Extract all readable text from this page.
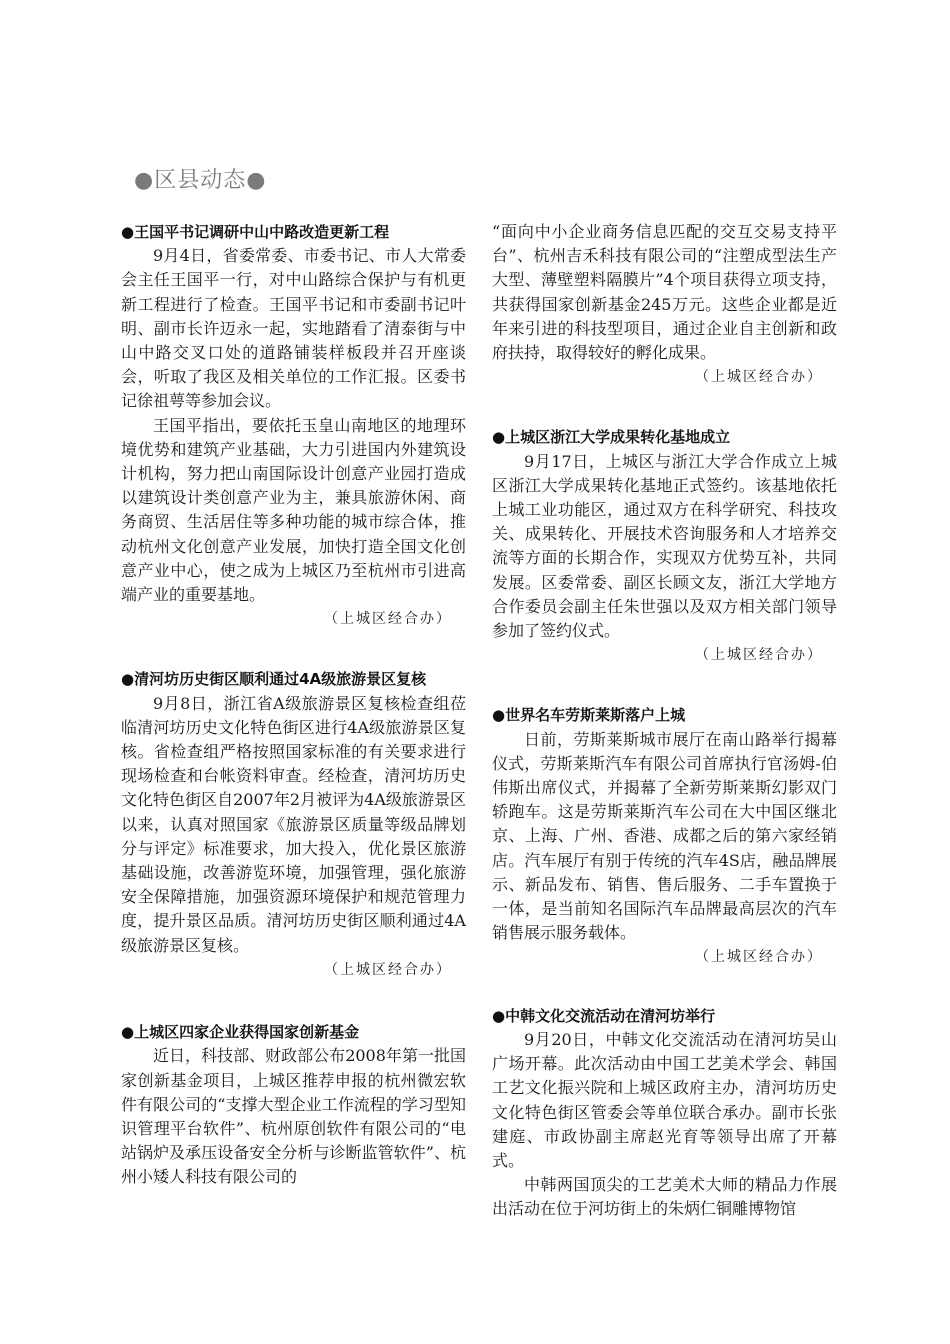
●区县动态●

●王国平书记调研中山中路改造更新工程

9月4日，省委常委、市委书记、市人大常委会主任王国平一行，对中山路综合保护与有机更新工程进行了检查。王国平书记和市委副书记叶明、副市长许迈永一起，实地踏看了清泰街与中山中路交叉口处的道路铺装样板段并召开座谈会，听取了我区及相关单位的工作汇报。区委书记徐祖萼等参加会议。

王国平指出，要依托玉皇山南地区的地理环境优势和建筑产业基础，大力引进国内外建筑设计机构，努力把山南国际设计创意产业园打造成以建筑设计类创意产业为主，兼具旅游休闲、商务商贸、生活居住等多种功能的城市综合体，推动杭州文化创意产业发展，加快打造全国文化创意产业中心，使之成为上城区乃至杭州市引进高端产业的重要基地。

（上城区经合办）

●清河坊历史街区顺利通过4A级旅游景区复核

9月8日，浙江省A级旅游景区复核检查组莅临清河坊历史文化特色街区进行4A级旅游景区复核。省检查组严格按照国家标准的有关要求进行现场检查和台帐资料审查。经检查，清河坊历史文化特色街区自2007年2月被评为4A级旅游景区以来，认真对照国家《旅游景区质量等级品牌划分与评定》标准要求，加大投入，优化景区旅游基础设施，改善游览环境，加强管理，强化旅游安全保障措施，加强资源环境保护和规范管理力度，提升景区品质。清河坊历史街区顺利通过4A级旅游景区复核。

（上城区经合办）

●上城区四家企业获得国家创新基金

近日，科技部、财政部公布2008年第一批国家创新基金项目，上城区推荐申报的杭州微宏软件有限公司的“支撑大型企业工作流程的学习型知识管理平台软件”、杭州原创软件有限公司的“电站锅炉及承压设备安全分析与诊断监管软件”、杭州小矮人科技有限公司的

“面向中小企业商务信息匹配的交互交易支持平台”、杭州吉禾科技有限公司的“注塑成型法生产大型、薄壁塑料隔膜片”4个项目获得立项支持，共获得国家创新基金245万元。这些企业都是近年来引进的科技型项目，通过企业自主创新和政府扶持，取得较好的孵化成果。

（上城区经合办）

●上城区浙江大学成果转化基地成立

9月17日，上城区与浙江大学合作成立上城区浙江大学成果转化基地正式签约。该基地依托上城工业功能区，通过双方在科学研究、科技攻关、成果转化、开展技术咨询服务和人才培养交流等方面的长期合作，实现双方优势互补，共同发展。区委常委、副区长顾文友，浙江大学地方合作委员会副主任朱世强以及双方相关部门领导参加了签约仪式。

（上城区经合办）

●世界名车劳斯莱斯落户上城

日前，劳斯莱斯城市展厅在南山路举行揭幕仪式，劳斯莱斯汽车有限公司首席执行官汤姆-伯伟斯出席仪式，并揭幕了全新劳斯莱斯幻影双门轿跑车。这是劳斯莱斯汽车公司在大中国区继北京、上海、广州、香港、成都之后的第六家经销店。汽车展厅有别于传统的汽车4S店，融品牌展示、新品发布、销售、售后服务、二手车置换于一体，是当前知名国际汽车品牌最高层次的汽车销售展示服务载体。

（上城区经合办）

●中韩文化交流活动在清河坊举行

9月20日，中韩文化交流活动在清河坊吴山广场开幕。此次活动由中国工艺美术学会、韩国工艺文化振兴院和上城区政府主办，清河坊历史文化特色街区管委会等单位联合承办。副市长张建庭、市政协副主席赵光育等领导出席了开幕式。

中韩两国顶尖的工艺美术大师的精品力作展出活动在位于河坊街上的朱炳仁铜雕博物馆
